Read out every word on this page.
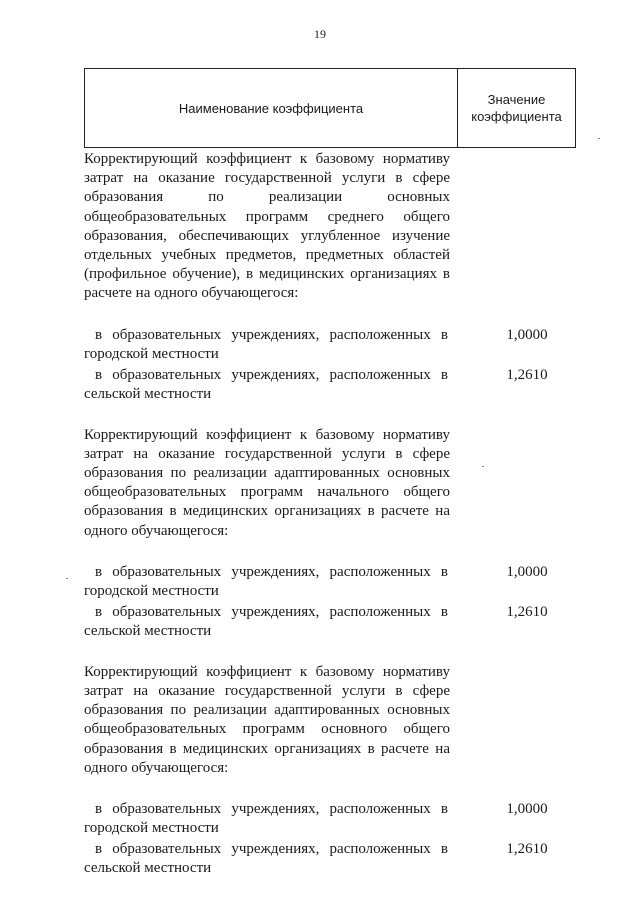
19
Наименование коэффициента
Значение коэффициента

Корректирующий коэффициент к базовому нормативу затрат на оказание государственной услуги в сфере образования по реализации основных общеобразовательных программ среднего общего образования, обеспечивающих углубленное изучение отдельных учебных предметов, предметных областей (профильное обучение), в медицинских организациях в расчете на одного обучающегося:

в образовательных учреждениях, расположенных в городской местности
1,0000
в образовательных учреждениях, расположенных в сельской местности
1,2610

Корректирующий коэффициент к базовому нормативу затрат на оказание государственной услуги в сфере образования по реализации адаптированных основных общеобразовательных программ начального общего образования в медицинских организациях в расчете на одного обучающегося:

в образовательных учреждениях, расположенных в городской местности
1,0000
в образовательных учреждениях, расположенных в сельской местности
1,2610

Корректирующий коэффициент к базовому нормативу затрат на оказание государственной услуги в сфере образования по реализации адаптированных основных общеобразовательных программ основного общего образования в медицинских организациях в расчете на одного обучающегося:

в образовательных учреждениях, расположенных в городской местности
1,0000
в образовательных учреждениях, расположенных в сельской местности
1,2610
